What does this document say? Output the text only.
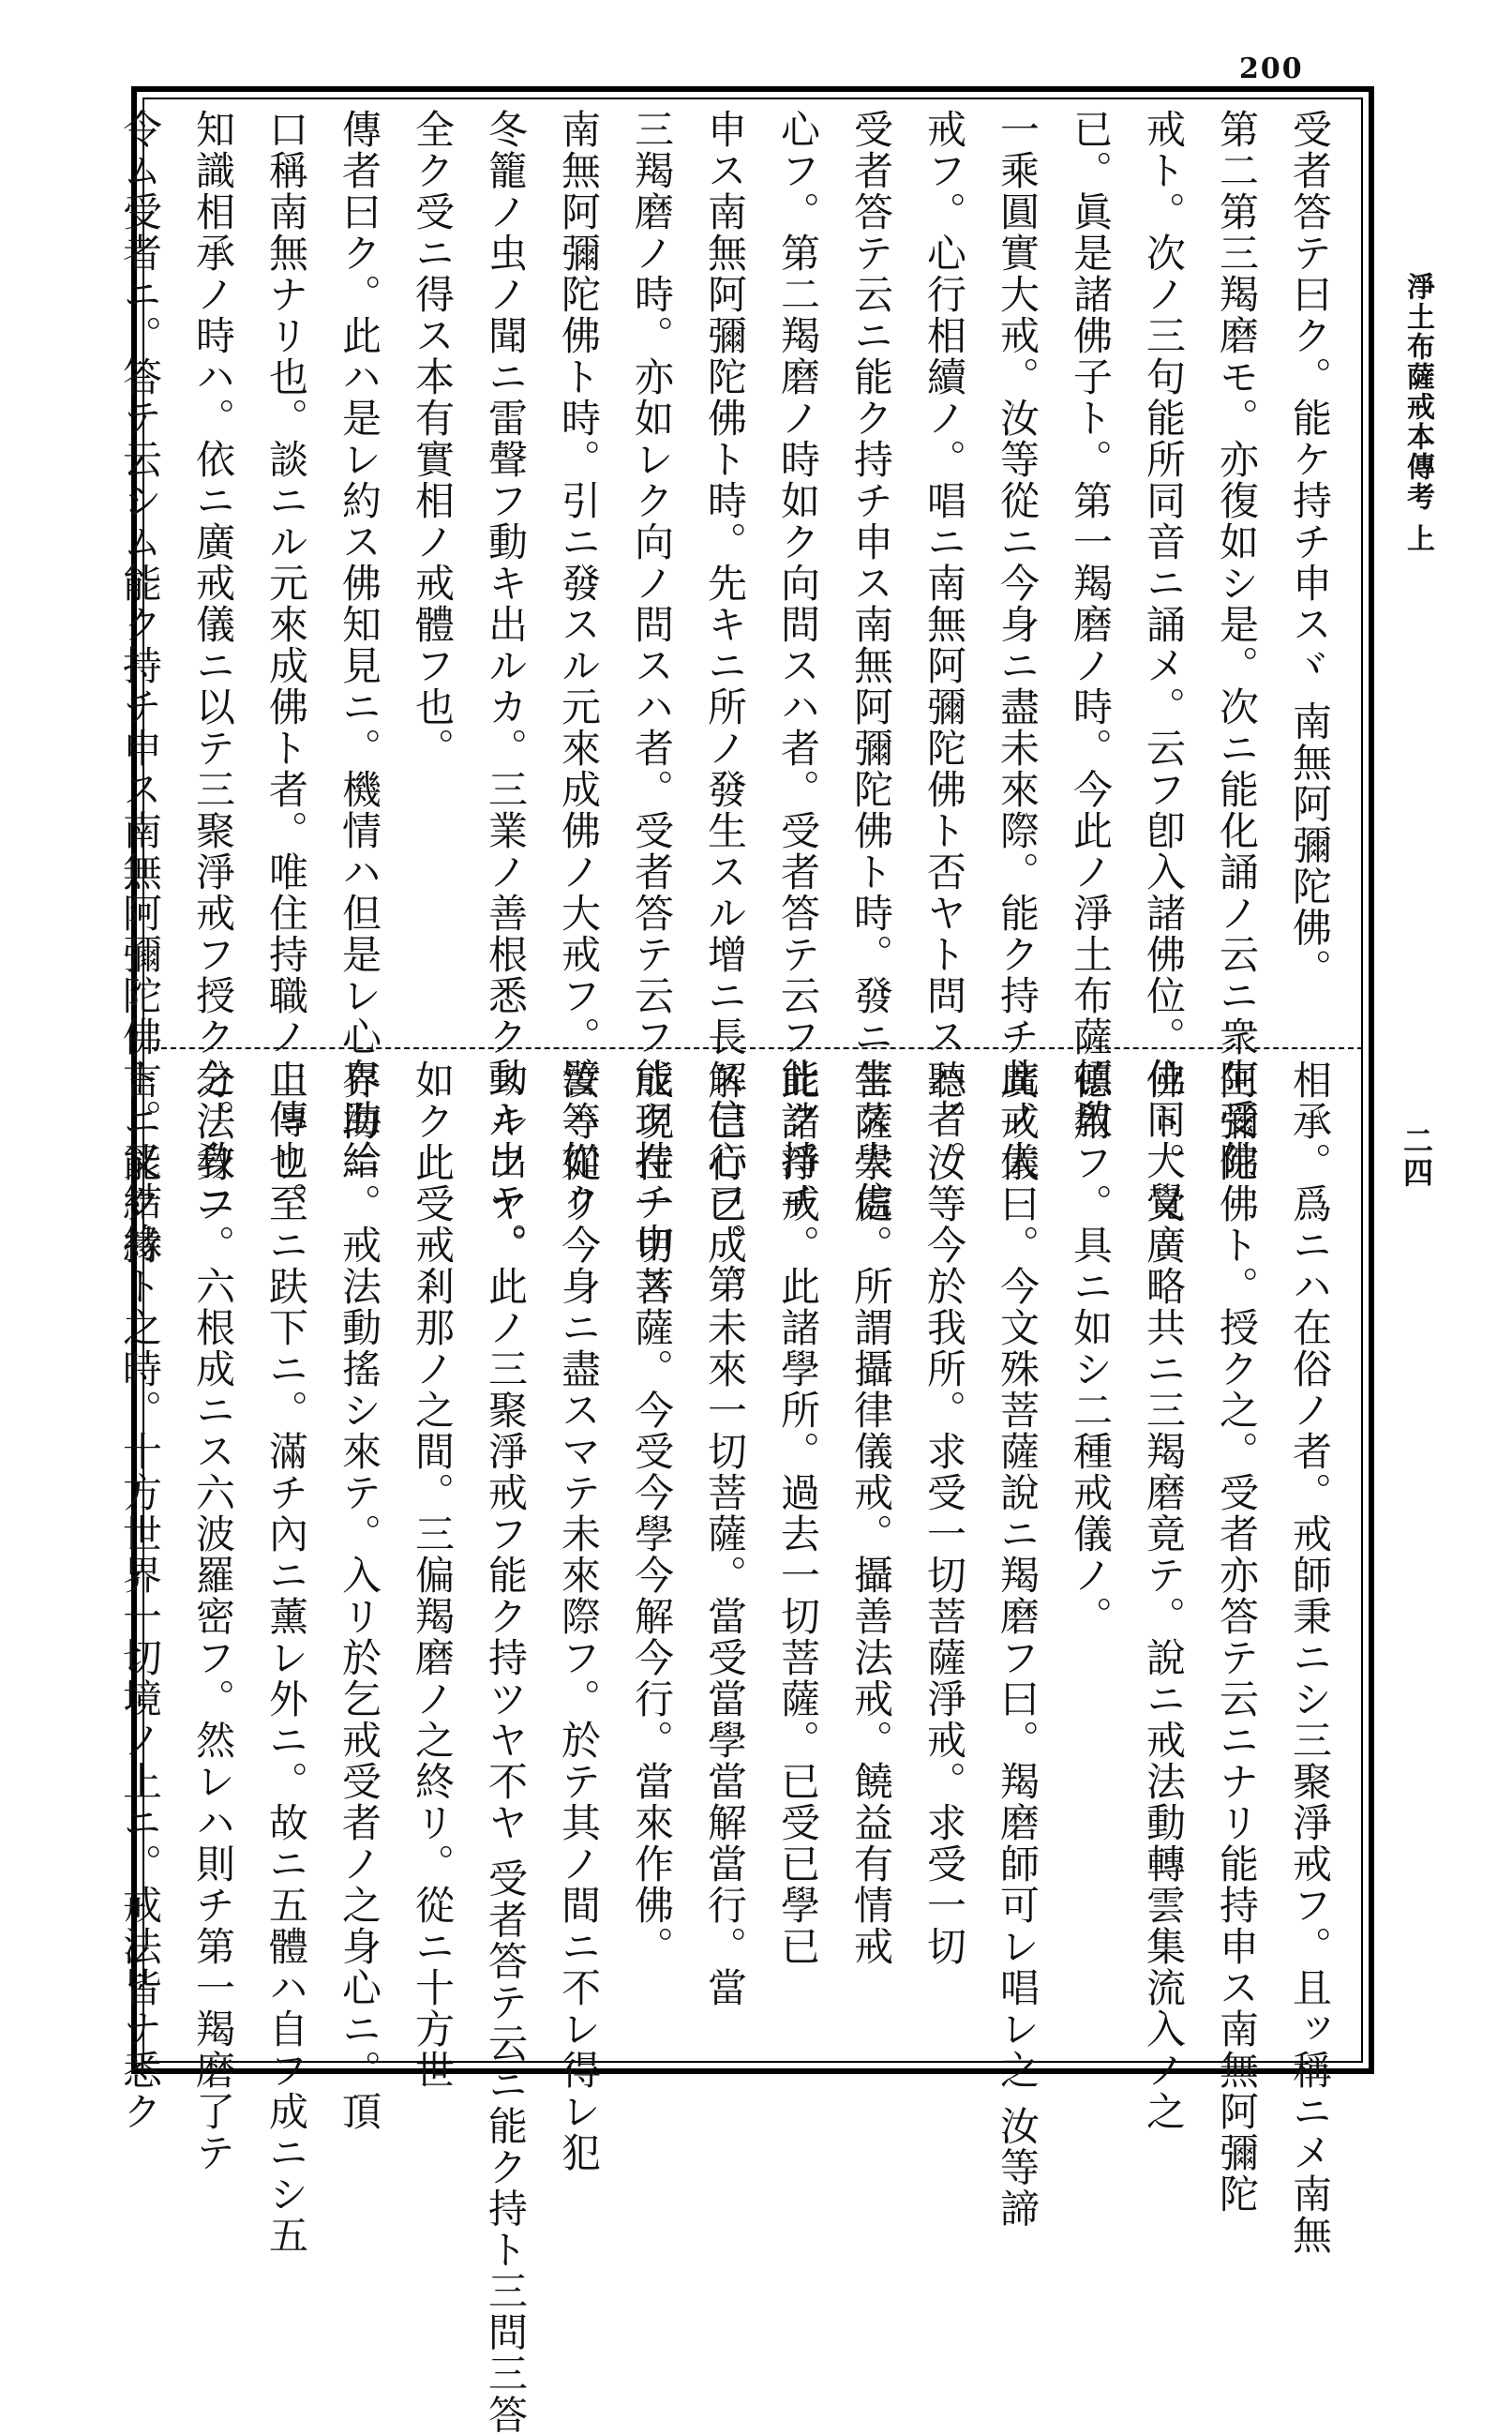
200
淨土布薩戒本傳考 上
二四
受者答テ曰ク。能ケ持チ申スヾ 南無阿彌陀佛。
第二第三羯磨モ。亦復如シ是。次ニ能化誦ノ云ニ衆生受佛
戒ト。次ノ三句能所同音ニ誦メ。云フ卽入諸佛位。位同大覺
已。眞是諸佛子ト。第一羯磨ノ時。今此ノ淨土布薩頓敎
一乘圓實大戒。汝等從ニ今身ニ盡未來際。能ク持チ此ノ大
戒フ。心行相續ノ。唱ニ南無阿彌陀佛ト否ヤト問スハ者。
受者答テ云ニ能ク持チ申ス南無阿彌陀佛ト時。發ニ生ス大信
心フ。第二羯磨ノ時如ク向問スハ者。受者答テ云フ能ク持チ
申ス南無阿彌陀佛ト時。先キニ所ノ發生スル增ニ長ス信心フ。第
三羯磨ノ時。亦如レク向ノ問スハ者。受者答テ云フ能ク持チ申ス
南無阿彌陀佛ト時。引ニ發スル元來成佛ノ大戒フ。譬ハ如ク
冬籠ノ虫ノ聞ニ雷聲フ動キ出ルカ。三業ノ善根悉ク動キ出テ。
全ク受ニ得ス本有實相ノ戒體フ也。
傳者曰ク。此ハ是レ約ス佛知見ニ。機情ハ但是レ心存助給
口稱南無ナリ也。談ニル元來成佛ト者。唯住持職ノ口傳也。
知識相承ノ時ハ。依ニ廣戒儀ニ以テ三聚淨戒フ授ク之。敎ニ
令ム受者ニ。答テ云シム能ク持チ申ス南無阿彌陀佛ト。又結緣
相承。爲ニハ在俗ノ者。戒師秉ニシ三聚淨戒フ。且ッ稱ニメ南無
阿彌陀佛ト。授ク之。受者亦答テ云ニナリ能持申ス南無阿彌陀
佛ト。又廣略共ニ三羯磨竟テ。說ニ戒法動轉雲集流入ノ之
德用フ。具ニ如シ二種戒儀ノ。
廣戒儀曰。今文殊菩薩說ニ羯磨フ曰。羯磨師可レ唱レ之 汝等諦
聽。汝等今於我所。求受一切菩薩淨戒。求受一切
菩薩學處。所謂攝律儀戒。攝善法戒。饒益有情戒
此諸淨戒。此諸學所。過去一切菩薩。已受已學已
解已行已成。未來一切菩薩。當受當學當解當行。當
成現在一切菩薩。今受今學今解今行。當來作佛。
汝等從リ今身ニ盡スマテ未來際フ。於テ其ノ間ニ不レ得レ犯
スルフヤ。此ノ三聚淨戒フ能ク持ツヤ不ヤ 受者答テ云ニ能ク持ト三問三答
如ク此受戒剎那ノ之間。三偏羯磨ノ之終リ。從ニ十方世
界海ニ。戒法動搖シ來テ。入リ於乞戒受者ノ之身心ニ。頂
上ョリ至ニ趺下ニ。滿チ內ニ薰レ外ニ。故ニ五體ハ自フ成ニシ五
分法身フ。六根成ニス六波羅密フ。然レハ則チ第一羯磨了テ
言ニ能ク持ト之時。十方世界一切境ノ上ニ。戒法皆ナ悉ク
